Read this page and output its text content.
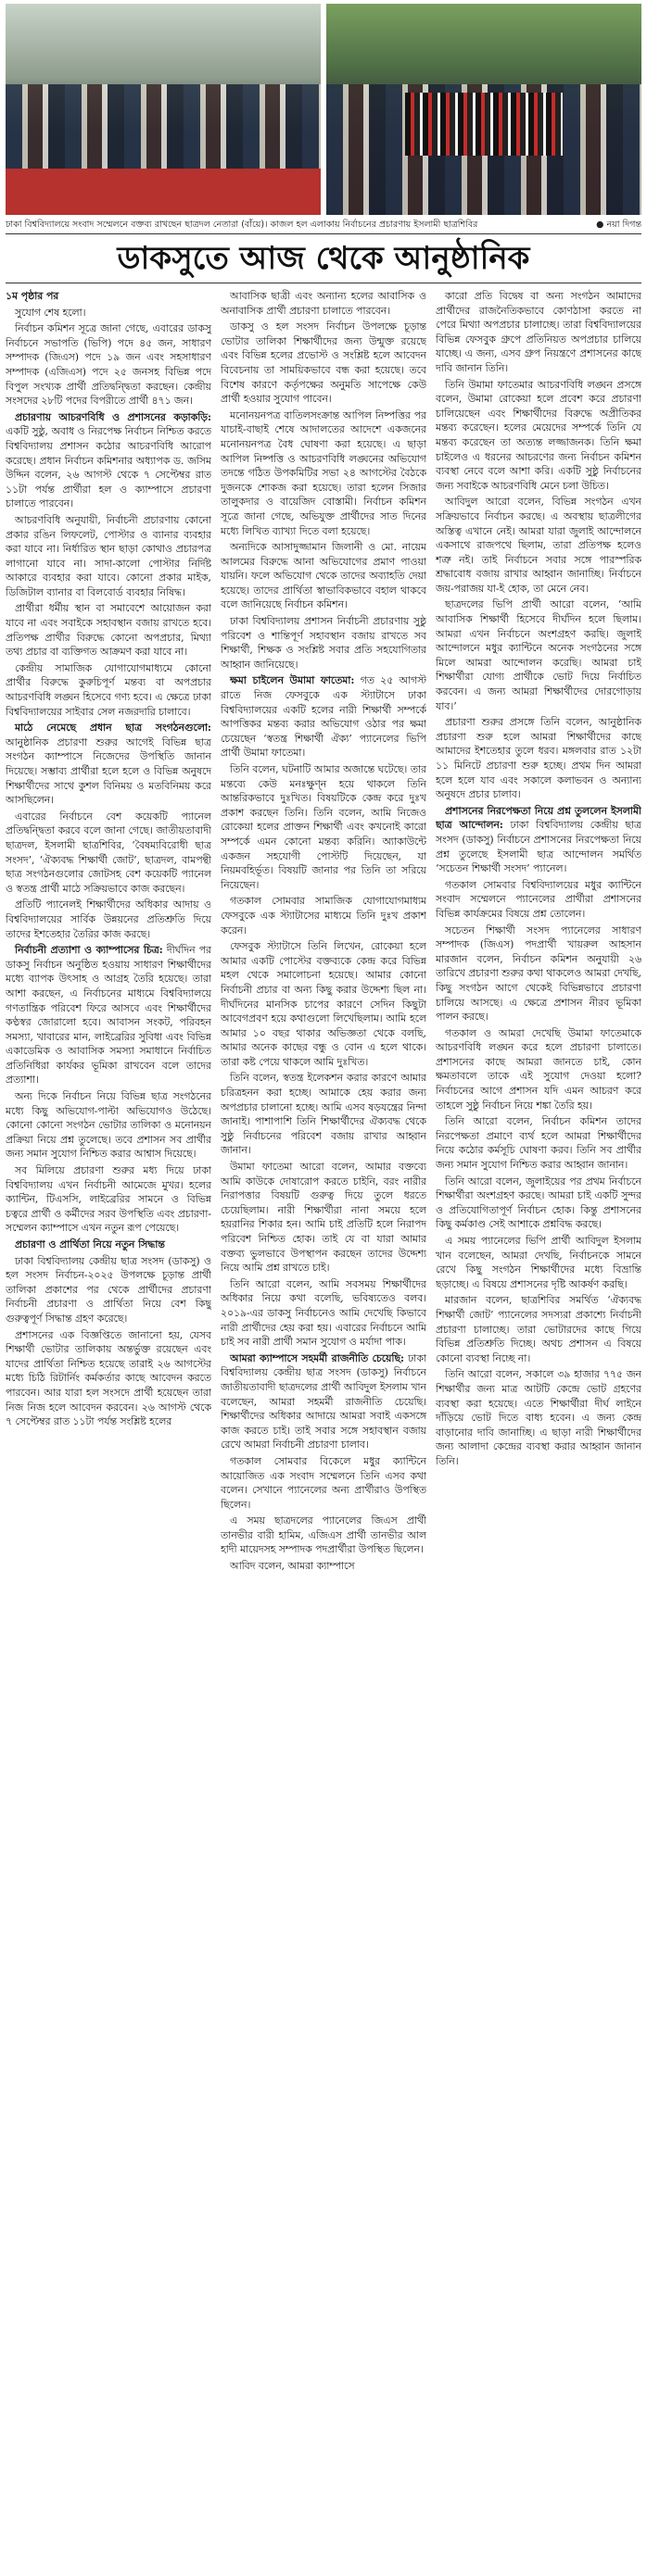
● নয়া দিগন্ত
ঢাকা বিশ্ববিদ্যালয়ে সংবাদ সম্মেলনে বক্তব্য রাখছেন ছাত্রদল নেতারা (বাঁয়ে)। কাজল হল এলাকায় নির্বাচনের প্রচারণায় ইসলামী ছাত্রশিবির
ডাকসুতে আজ থেকে আনুষ্ঠানিক

১ম পৃষ্ঠার পর

সুযোগ শেষ হলো।

নির্বাচন কমিশন সূত্রে জানা গেছে, এবারের ডাকসু নির্বাচনে সভাপতি (ভিপি) পদে ৪৫ জন, সাধারণ সম্পাদক (জিএস) পদে ১৯ জন এবং সহসাধারণ সম্পাদক (এজিএস) পদে ২৫ জনসহ বিভিন্ন পদে বিপুল সংখ্যক প্রার্থী প্রতিদ্বন্দ্বিতা করছেন। কেন্দ্রীয় সংসদের ২৮টি পদের বিপরীতে প্রার্থী ৪৭১ জন।

প্রচারণায় আচরণবিধি ও প্রশাসনের কড়াকড়ি: একটি সুষ্ঠু, অবাধ ও নিরপেক্ষ নির্বাচন নিশ্চিত করতে বিশ্ববিদ্যালয় প্রশাসন কঠোর আচরণবিধি আরোপ করেছে। প্রধান নির্বাচন কমিশনার অধ্যাপক ড. জসিম উদ্দিন বলেন, ২৬ আগস্ট থেকে ৭ সেপ্টেম্বর রাত ১১টা পর্যন্ত প্রার্থীরা হল ও ক্যাম্পাসে প্রচারণা চালাতে পারবেন।

আচরণবিধি অনুযায়ী, নির্বাচনী প্রচারণায় কোনো প্রকার রঙিন লিফলেট, পোস্টার ও ব্যানার ব্যবহার করা যাবে না। নির্ধারিত স্থান ছাড়া কোথাও প্রচারপত্র লাগানো যাবে না। সাদা-কালো পোস্টার নির্দিষ্ট আকারে ব্যবহার করা যাবে। কোনো প্রকার মাইক, ডিজিটাল ব্যানার বা বিলবোর্ড ব্যবহার নিষিদ্ধ।

প্রার্থীরা ধর্মীয় স্থান বা সমাবেশে আয়োজন করা যাবে না এবং সবাইকে সহাবস্থান বজায় রাখতে হবে। প্রতিপক্ষ প্রার্থীর বিরুদ্ধে কোনো অপপ্রচার, মিথ্যা তথ্য প্রচার বা ব্যক্তিগত আক্রমণ করা যাবে না।

কেন্দ্রীয় সামাজিক যোগাযোগমাধ্যমে কোনো প্রার্থীর বিরুদ্ধে কুরুচিপূর্ণ মন্তব্য বা অপপ্রচার আচরণবিধি লঙ্ঘন হিসেবে গণ্য হবে। এ ক্ষেত্রে ঢাকা বিশ্ববিদ্যালয়ের সাইবার সেল নজরদারি চালাবে।

মাঠে নেমেছে প্রধান ছাত্র সংগঠনগুলো: আনুষ্ঠানিক প্রচারণা শুরুর আগেই বিভিন্ন ছাত্র সংগঠন ক্যাম্পাসে নিজেদের উপস্থিতি জানান দিয়েছে। সম্ভাব্য প্রার্থীরা হলে হলে ও বিভিন্ন অনুষদে শিক্ষার্থীদের সাথে কুশল বিনিময় ও মতবিনিময় করে আসছিলেন।

এবারের নির্বাচনে বেশ কয়েকটি প্যানেল প্রতিদ্বন্দ্বিতা করবে বলে জানা গেছে। জাতীয়তাবাদী ছাত্রদল, ইসলামী ছাত্রশিবির, ‘বৈষম্যবিরোধী ছাত্র সংসদ’, ‘ঐক্যবদ্ধ শিক্ষার্থী জোট’, ছাত্রদল, বামপন্থী ছাত্র সংগঠনগুলোর জোটসহ বেশ কয়েকটি প্যানেল ও স্বতন্ত্র প্রার্থী মাঠে সক্রিয়ভাবে কাজ করছেন।

প্রতিটি প্যানেলই শিক্ষার্থীদের অধিকার আদায় ও বিশ্ববিদ্যালয়ের সার্বিক উন্নয়নের প্রতিশ্রুতি দিয়ে তাদের ইশতেহার তৈরির কাজ করছে।

নির্বাচনী প্রত্যাশা ও ক্যাম্পাসের চিত্র: দীর্ঘদিন পর ডাকসু নির্বাচন অনুষ্ঠিত হওয়ায় সাধারণ শিক্ষার্থীদের মধ্যে ব্যাপক উৎসাহ ও আগ্রহ তৈরি হয়েছে। তারা আশা করছেন, এ নির্বাচনের মাধ্যমে বিশ্ববিদ্যালয়ে গণতান্ত্রিক পরিবেশ ফিরে আসবে এবং শিক্ষার্থীদের কণ্ঠস্বর জোরালো হবে। আবাসন সংকট, পরিবহন সমস্যা, খাবারের মান, লাইব্রেরির সুবিধা এবং বিভিন্ন একাডেমিক ও আবাসিক সমস্যা সমাধানে নির্বাচিত প্রতিনিধিরা কার্যকর ভূমিকা রাখবেন বলে তাদের প্রত্যাশা।

অন্য দিকে নির্বাচন নিয়ে বিভিন্ন ছাত্র সংগঠনের মধ্যে কিছু অভিযোগ-পাল্টা অভিযোগও উঠেছে। কোনো কোনো সংগঠন ভোটার তালিকা ও মনোনয়ন প্রক্রিয়া নিয়ে প্রশ্ন তুলেছে। তবে প্রশাসন সব প্রার্থীর জন্য সমান সুযোগ নিশ্চিত করার আশ্বাস দিয়েছে।

সব মিলিয়ে প্রচারণা শুরুর মধ্য দিয়ে ঢাকা বিশ্ববিদ্যালয় এখন নির্বাচনী আমেজে মুখর। হলের ক্যান্টিন, টিএসসি, লাইব্রেরির সামনে ও বিভিন্ন চত্বরে প্রার্থী ও কর্মীদের সরব উপস্থিতি এবং প্রচারণা-সম্মেলন ক্যাম্পাসে এখন নতুন রূপ পেয়েছে।

প্রচারণা ও প্রার্থিতা নিয়ে নতুন সিদ্ধান্ত

ঢাকা বিশ্ববিদ্যালয় কেন্দ্রীয় ছাত্র সংসদ (ডাকসু) ও হল সংসদ নির্বাচন-২০২৫ উপলক্ষে চূড়ান্ত প্রার্থী তালিকা প্রকাশের পর থেকে প্রার্থীদের প্রচারণা নির্বাচনী প্রচারণা ও প্রার্থিতা নিয়ে বেশ কিছু গুরুত্বপূর্ণ সিদ্ধান্ত গ্রহণ করেছে।

প্রশাসনের এক বিজ্ঞপ্তিতে জানানো হয়, যেসব শিক্ষার্থী ভোটার তালিকায় অন্তর্ভুক্ত রয়েছেন এবং যাদের প্রার্থিতা নিশ্চিত হয়েছে তারাই ২৬ আগস্টের মধ্যে চিঠি রিটার্নিং কর্মকর্তার কাছে আবেদন করতে পারবেন। আর যারা হল সংসদে প্রার্থী হয়েছেন তারা নিজ নিজ হলে আবেদন করবেন। ২৬ আগস্ট থেকে ৭ সেপ্টেম্বর রাত ১১টা পর্যন্ত সংশ্লিষ্ট হলের

আবাসিক ছাত্রী এবং অন্যান্য হলের আবাসিক ও অনাবাসিক প্রার্থী প্রচারণা চালাতে পারবেন।

ডাকসু ও হল সংসদ নির্বাচন উপলক্ষে চূড়ান্ত ভোটার তালিকা শিক্ষার্থীদের জন্য উন্মুক্ত রয়েছে এবং বিভিন্ন হলের প্রভোস্ট ও সংশ্লিষ্ট হলে আবেদন বিবেচনায় তা সাময়িকভাবে বন্ধ করা হয়েছে। তবে বিশেষ কারণে কর্তৃপক্ষের অনুমতি সাপেক্ষে কেউ প্রার্থী হওয়ার সুযোগ পাবেন।

মনোনয়নপত্র বাতিলসংক্রান্ত আপিল নিষ্পত্তির পর যাচাই-বাছাই শেষে আদালতের আদেশে একজনের মনোনয়নপত্র বৈধ ঘোষণা করা হয়েছে। এ ছাড়া আপিল নিষ্পত্তি ও আচরণবিধি লঙ্ঘনের অভিযোগ তদন্তে গঠিত উপকমিটির সভা ২৪ আগস্টের বৈঠকে দুজনকে শোকজ করা হয়েছে। তারা হলেন সিজার তালুকদার ও বায়েজিদ বোস্তামী। নির্বাচন কমিশন সূত্রে জানা গেছে, অভিযুক্ত প্রার্থীদের সাত দিনের মধ্যে লিখিত ব্যাখ্যা দিতে বলা হয়েছে।

অন্যদিকে আসাদুজ্জামান জিলানী ও মো. নায়েম আলমের বিরুদ্ধে আনা অভিযোগের প্রমাণ পাওয়া যায়নি। ফলে অভিযোগ থেকে তাদের অব্যাহতি দেয়া হয়েছে। তাদের প্রার্থিতা স্বাভাবিকভাবে বহাল থাকবে বলে জানিয়েছে নির্বাচন কমিশন।

ঢাকা বিশ্ববিদ্যালয় প্রশাসন নির্বাচনী প্রচারণায় সুষ্ঠু পরিবেশ ও শান্তিপূর্ণ সহাবস্থান বজায় রাখতে সব শিক্ষার্থী, শিক্ষক ও সংশ্লিষ্ট সবার প্রতি সহযোগিতার আহ্বান জানিয়েছে।

ক্ষমা চাইলেন উমামা ফাতেমা: গত ২৫ আগস্ট রাতে নিজ ফেসবুকে এক স্ট্যাটাসে ঢাকা বিশ্ববিদ্যালয়ের একটি হলের নারী শিক্ষার্থী সম্পর্কে আপত্তিকর মন্তব্য করার অভিযোগ ওঠার পর ক্ষমা চেয়েছেন ‘স্বতন্ত্র শিক্ষার্থী ঐক্য’ প্যানেলের ভিপি প্রার্থী উমামা ফাতেমা।

তিনি বলেন, ঘটনাটি আমার অজান্তে ঘটেছে। তার মন্তব্যে কেউ মনঃক্ষুণ্ন হয়ে থাকলে তিনি আন্তরিকভাবে দুঃখিত। বিষয়টিকে কেন্দ্র করে দুঃখ প্রকাশ করছেন তিনি। তিনি বলেন, আমি নিজেও রোকেয়া হলের প্রাক্তন শিক্ষার্থী এবং কখনোই কারো সম্পর্কে এমন কোনো মন্তব্য করিনি। অ্যাকাউন্টে একজন সহযোগী পোস্টটি দিয়েছেন, যা নিয়মবহির্ভূত। বিষয়টি জানার পর তিনি তা সরিয়ে নিয়েছেন।

গতকাল সোমবার সামাজিক যোগাযোগমাধ্যম ফেসবুকে এক স্ট্যাটাসের মাধ্যমে তিনি দুঃখ প্রকাশ করেন।

ফেসবুক স্ট্যাটাসে তিনি লিখেন, রোকেয়া হলে আমার একটি পোস্টের বক্তব্যকে কেন্দ্র করে বিভিন্ন মহল থেকে সমালোচনা হয়েছে। আমার কোনো নির্বাচনী প্রচার বা অন্য কিছু করার উদ্দেশ্য ছিল না। দীর্ঘদিনের মানসিক চাপের কারণে সেদিন কিছুটা আবেগপ্রবণ হয়ে কথাগুলো লিখেছিলাম। আমি হলে আমার ১০ বছর থাকার অভিজ্ঞতা থেকে বলছি, আমার অনেক কাছের বন্ধু ও বোন এ হলে থাকে। তারা কষ্ট পেয়ে থাকলে আমি দুঃখিত।

তিনি বলেন, স্বতন্ত্র ইলেকশন করার কারণে আমার চরিত্রহনন করা হচ্ছে। আমাকে হেয় করার জন্য অপপ্রচার চালানো হচ্ছে। আমি এসব ষড়যন্ত্রের নিন্দা জানাই। পাশাপাশি তিনি শিক্ষার্থীদের ঐক্যবদ্ধ থেকে সুষ্ঠু নির্বাচনের পরিবেশ বজায় রাখার আহ্বান জানান।

উমামা ফাতেমা আরো বলেন, আমার বক্তব্যে আমি কাউকে দোষারোপ করতে চাইনি, বরং নারীর নিরাপত্তার বিষয়টি গুরুত্ব দিয়ে তুলে ধরতে চেয়েছিলাম। নারী শিক্ষার্থীরা নানা সময়ে হলে হয়রানির শিকার হন। আমি চাই প্রতিটি হলে নিরাপদ পরিবেশ নিশ্চিত হোক। তাই যে বা যারা আমার বক্তব্য ভুলভাবে উপস্থাপন করছেন তাদের উদ্দেশ্য নিয়ে আমি প্রশ্ন রাখতে চাই।

তিনি আরো বলেন, আমি সবসময় শিক্ষার্থীদের অধিকার নিয়ে কথা বলেছি, ভবিষ্যতেও বলব। ২০১৯-এর ডাকসু নির্বাচনেও আমি দেখেছি কিভাবে নারী প্রার্থীদের হেয় করা হয়। এবারের নির্বাচনে আমি চাই সব নারী প্রার্থী সমান সুযোগ ও মর্যাদা পাক।

আমরা ক্যাম্পাসে সহমর্মী রাজনীতি চেয়েছি: ঢাকা বিশ্ববিদ্যালয় কেন্দ্রীয় ছাত্র সংসদ (ডাকসু) নির্বাচনে জাতীয়তাবাদী ছাত্রদলের প্রার্থী আবিদুল ইসলাম খান বলেছেন, আমরা সহমর্মী রাজনীতি চেয়েছি। শিক্ষার্থীদের অধিকার আদায়ে আমরা সবাই একসঙ্গে কাজ করতে চাই। তাই সবার সঙ্গে সহাবস্থান বজায় রেখে আমরা নির্বাচনী প্রচারণা চালাব।

গতকাল সোমবার বিকেলে মধুর ক্যান্টিনে আয়োজিত এক সংবাদ সম্মেলনে তিনি এসব কথা বলেন। সেখানে প্যানেলের অন্য প্রার্থীরাও উপস্থিত ছিলেন।

এ সময় ছাত্রদলের প্যানেলের জিএস প্রার্থী তানভীর বারী হামিম, এজিএস প্রার্থী তানভীর আল হাদী মায়েদসহ সম্পাদক পদপ্রার্থীরা উপস্থিত ছিলেন।

আবিদ বলেন, আমরা ক্যাম্পাসে

কারো প্রতি বিদ্বেষ বা অন্য সংগঠন আমাদের প্রার্থীদের রাজনৈতিকভাবে কোণঠাসা করতে না পেরে মিথ্যা অপপ্রচার চালাচ্ছে। তারা বিশ্ববিদ্যালয়ের বিভিন্ন ফেসবুক গ্রুপে প্রতিনিয়ত অপপ্রচার চালিয়ে যাচ্ছে। এ জন্য, এসব গ্রুপ নিয়ন্ত্রণে প্রশাসনের কাছে দাবি জানান তিনি।

তিনি উমামা ফাতেমার আচরণবিধি লঙ্ঘন প্রসঙ্গে বলেন, উমামা রোকেয়া হলে প্রবেশ করে প্রচারণা চালিয়েছেন এবং শিক্ষার্থীদের বিরুদ্ধে অপ্রীতিকর মন্তব্য করেছেন। হলের মেয়েদের সম্পর্কে তিনি যে মন্তব্য করেছেন তা অত্যন্ত লজ্জাজনক। তিনি ক্ষমা চাইলেও এ ধরনের আচরণের জন্য নির্বাচন কমিশন ব্যবস্থা নেবে বলে আশা করি। একটি সুষ্ঠু নির্বাচনের জন্য সবাইকে আচরণবিধি মেনে চলা উচিত।

আবিদুল আরো বলেন, বিভিন্ন সংগঠন এখন সক্রিয়ভাবে নির্বাচন করছে। এ অবস্থায় ছাত্রলীগের অস্তিত্ব এখানে নেই। আমরা যারা জুলাই আন্দোলনে একসাথে রাজপথে ছিলাম, তারা প্রতিপক্ষ হলেও শত্রু নই। তাই নির্বাচনে সবার সঙ্গে পারস্পরিক শ্রদ্ধাবোধ বজায় রাখার আহ্বান জানাচ্ছি। নির্বাচনে জয়-পরাজয় যা-ই হোক, তা মেনে নেব।

ছাত্রদলের ভিপি প্রার্থী আরো বলেন, ‘আমি আবাসিক শিক্ষার্থী হিসেবে দীর্ঘদিন হলে ছিলাম। আমরা এখন নির্বাচনে অংশগ্রহণ করছি। জুলাই আন্দোলনে মধুর ক্যান্টিনে অনেক সংগঠনের সঙ্গে মিলে আমরা আন্দোলন করেছি। আমরা চাই শিক্ষার্থীরা যোগ্য প্রার্থীকে ভোট দিয়ে নির্বাচিত করবেন। এ জন্য আমরা শিক্ষার্থীদের দোরগোড়ায় যাব।’

প্রচারণা শুরুর প্রসঙ্গে তিনি বলেন, আনুষ্ঠানিক প্রচারণা শুরু হলে আমরা শিক্ষার্থীদের কাছে আমাদের ইশতেহার তুলে ধরব। মঙ্গলবার রাত ১২টা ১১ মিনিটে প্রচারণা শুরু হচ্ছে। প্রথম দিন আমরা হলে হলে যাব এবং সকালে কলাভবন ও অন্যান্য অনুষদে প্রচার চালাব।

প্রশাসনের নিরপেক্ষতা নিয়ে প্রশ্ন তুললেন ইসলামী ছাত্র আন্দোলন: ঢাকা বিশ্ববিদ্যালয় কেন্দ্রীয় ছাত্র সংসদ (ডাকসু) নির্বাচনে প্রশাসনের নিরপেক্ষতা নিয়ে প্রশ্ন তুলেছে ইসলামী ছাত্র আন্দোলন সমর্থিত ‘সচেতন শিক্ষার্থী সংসদ’ প্যানেল।

গতকাল সোমবার বিশ্ববিদ্যালয়ের মধুর ক্যান্টিনে সংবাদ সম্মেলনে প্যানেলের প্রার্থীরা প্রশাসনের বিভিন্ন কার্যক্রমের বিষয়ে প্রশ্ন তোলেন।

সচেতন শিক্ষার্থী সংসদ প্যানেলের সাধারণ সম্পাদক (জিএস) পদপ্রার্থী খায়রুল আহসান মারজান বলেন, নির্বাচন কমিশন অনুযায়ী ২৬ তারিখে প্রচারণা শুরুর কথা থাকলেও আমরা দেখছি, কিছু সংগঠন আগে থেকেই বিভিন্নভাবে প্রচারণা চালিয়ে আসছে। এ ক্ষেত্রে প্রশাসন নীরব ভূমিকা পালন করছে।

গতকাল ও আমরা দেখেছি উমামা ফাতেমাকে আচরণবিধি লঙ্ঘন করে হলে প্রচারণা চালাতে। প্রশাসনের কাছে আমরা জানতে চাই, কোন ক্ষমতাবলে তাকে এই সুযোগ দেওয়া হলো? নির্বাচনের আগে প্রশাসন যদি এমন আচরণ করে তাহলে সুষ্ঠু নির্বাচন নিয়ে শঙ্কা তৈরি হয়।

তিনি আরো বলেন, নির্বাচন কমিশন তাদের নিরপেক্ষতা প্রমাণে ব্যর্থ হলে আমরা শিক্ষার্থীদের নিয়ে কঠোর কর্মসূচি ঘোষণা করব। তিনি সব প্রার্থীর জন্য সমান সুযোগ নিশ্চিত করার আহ্বান জানান।

তিনি আরো বলেন, জুলাইয়ের পর প্রথম নির্বাচনে শিক্ষার্থীরা অংশগ্রহণ করছে। আমরা চাই একটি সুন্দর ও প্রতিযোগিতাপূর্ণ নির্বাচন হোক। কিন্তু প্রশাসনের কিছু কর্মকাণ্ড সেই আশাকে প্রশ্নবিদ্ধ করছে।

এ সময় প্যানেলের ভিপি প্রার্থী আবিদুল ইসলাম খান বলেছেন, আমরা দেখছি, নির্বাচনকে সামনে রেখে কিছু সংগঠন শিক্ষার্থীদের মধ্যে বিভ্রান্তি ছড়াচ্ছে। এ বিষয়ে প্রশাসনের দৃষ্টি আকর্ষণ করছি।

মারজান বলেন, ছাত্রশিবির সমর্থিত ‘ঐক্যবদ্ধ শিক্ষার্থী জোট’ প্যানেলের সদস্যরা প্রকাশ্যে নির্বাচনী প্রচারণা চালাচ্ছে। তারা ভোটারদের কাছে গিয়ে বিভিন্ন প্রতিশ্রুতি দিচ্ছে। অথচ প্রশাসন এ বিষয়ে কোনো ব্যবস্থা নিচ্ছে না।

তিনি আরো বলেন, সকালে ৩৯ হাজার ৭৭৫ জন শিক্ষার্থীর জন্য মাত্র আটটি কেন্দ্রে ভোট গ্রহণের ব্যবস্থা করা হয়েছে। এতে শিক্ষার্থীরা দীর্ঘ লাইনে দাঁড়িয়ে ভোট দিতে বাধ্য হবেন। এ জন্য কেন্দ্র বাড়ানোর দাবি জানাচ্ছি। এ ছাড়া নারী শিক্ষার্থীদের জন্য আলাদা কেন্দ্রের ব্যবস্থা করার আহ্বান জানান তিনি।
